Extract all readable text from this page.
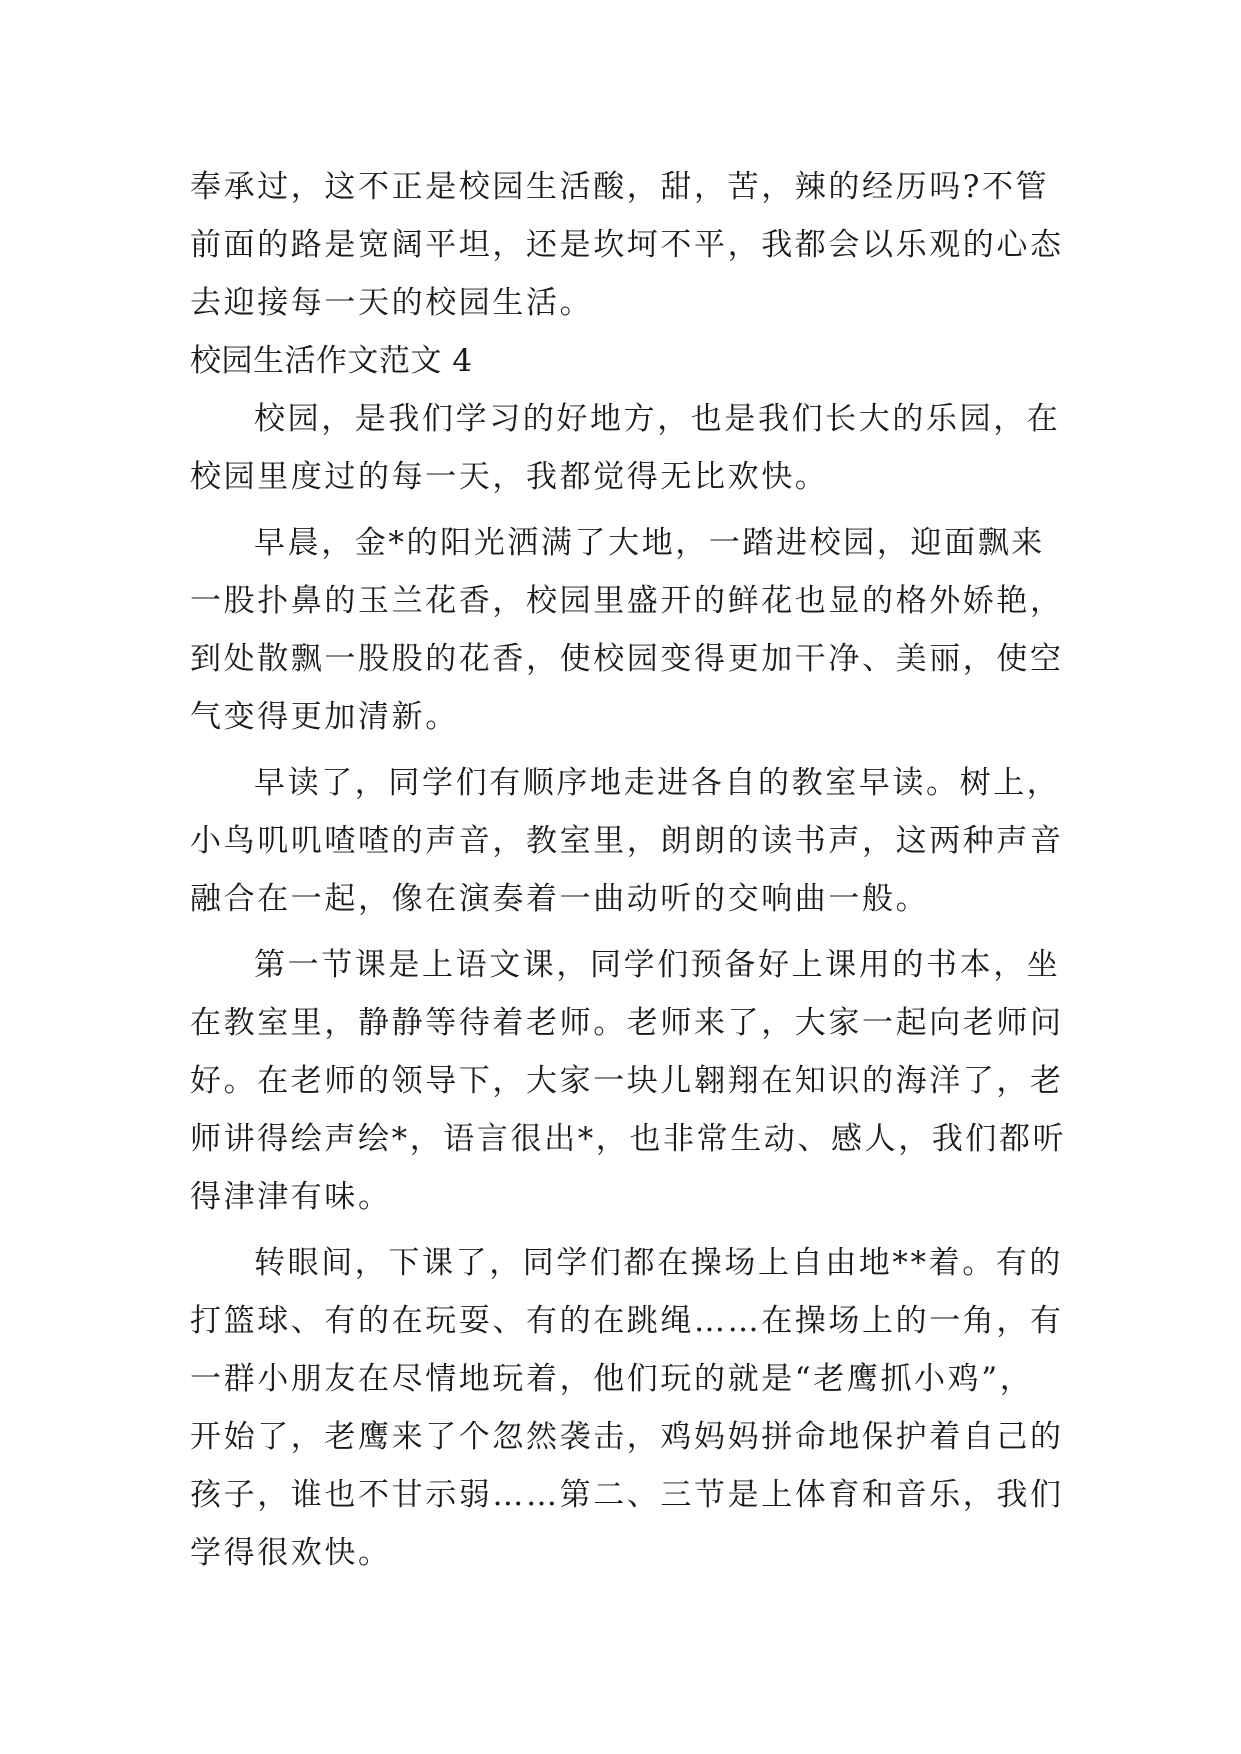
奉承过，这不正是校园生活酸，甜，苦，辣的经历吗?不管
前面的路是宽阔平坦，还是坎坷不平，我都会以乐观的心态
去迎接每一天的校园生活。
校园生活作文范文 4
校园，是我们学习的好地方，也是我们长大的乐园，在
校园里度过的每一天，我都觉得无比欢快。
早晨，金*的阳光洒满了大地，一踏进校园，迎面飘来
一股扑鼻的玉兰花香，校园里盛开的鲜花也显的格外娇艳，
到处散飘一股股的花香，使校园变得更加干净、美丽，使空
气变得更加清新。
早读了，同学们有顺序地走进各自的教室早读。树上，
小鸟叽叽喳喳的声音，教室里，朗朗的读书声，这两种声音
融合在一起，像在演奏着一曲动听的交响曲一般。
第一节课是上语文课，同学们预备好上课用的书本，坐
在教室里，静静等待着老师。老师来了，大家一起向老师问
好。在老师的领导下，大家一块儿翱翔在知识的海洋了，老
师讲得绘声绘*，语言很出*，也非常生动、感人，我们都听
得津津有味。
转眼间，下课了，同学们都在操场上自由地**着。有的
打篮球、有的在玩耍、有的在跳绳……在操场上的一角，有
一群小朋友在尽情地玩着，他们玩的就是“老鹰抓小鸡”，
开始了，老鹰来了个忽然袭击，鸡妈妈拼命地保护着自己的
孩子，谁也不甘示弱……第二、三节是上体育和音乐，我们
学得很欢快。
